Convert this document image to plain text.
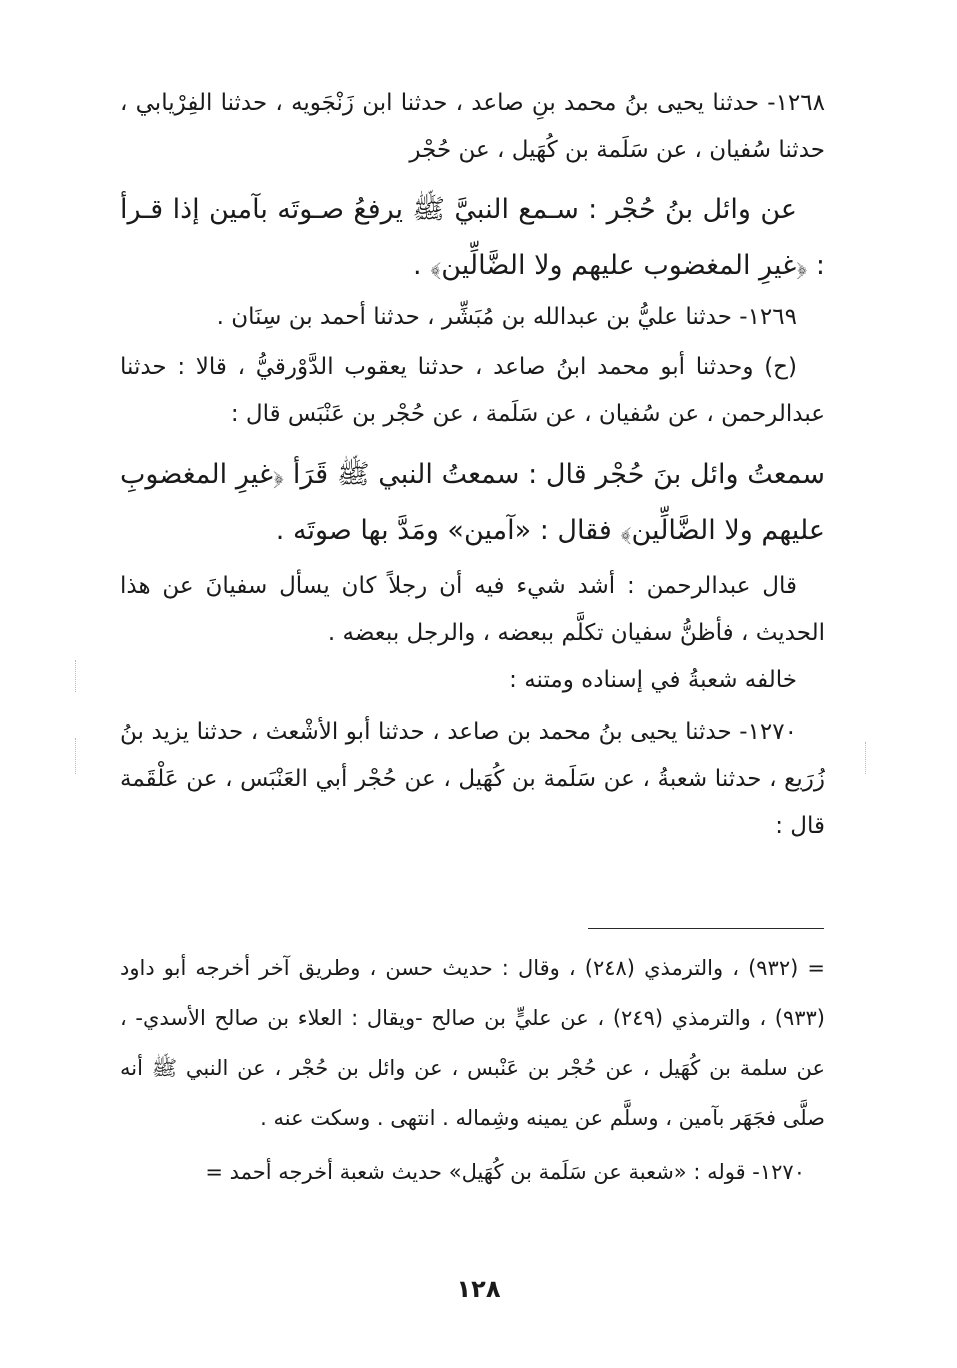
١٢٦٨- حدثنا يحيى بنُ محمد بنِ صاعد ، حدثنا ابن زَنْجَويه ، حدثنا الفِرْيابي ، حدثنا سُفيان ، عن سَلَمة بن كُهَيل ، عن حُجْر

عن وائل بنُ حُجْر : سـمع النبيَّ ﷺ يرفعُ صـوتَه بآمين إذا قـرأ : ﴿غيرِ المغضوب عليهم ولا الضَّالِّين﴾ .

١٢٦٩- حدثنا عليُّ بن عبدالله بن مُبَشِّر ، حدثنا أحمد بن سِنَان .

(ح) وحدثنا أبو محمد ابنُ صاعد ، حدثنا يعقوب الدَّوْرقيُّ ، قالا : حدثنا عبدالرحمن ، عن سُفيان ، عن سَلَمة ، عن حُجْر بن عَنْبَس قال :

سمعتُ وائل بنَ حُجْر قال : سمعتُ النبي ﷺ قَرَأ ﴿غيرِ المغضوبِ عليهم ولا الضَّالِّين﴾ فقال : «آمين» ومَدَّ بها صوتَه .

قال عبدالرحمن : أشد شيء فيه أن رجلاً كان يسأل سفيانَ عن هذا الحديث ، فأظنُّ سفيان تكلَّم ببعضه ، والرجل ببعضه .

خالفه شعبةُ في إسناده ومتنه :

١٢٧٠- حدثنا يحيى بنُ محمد بن صاعد ، حدثنا أبو الأشْعث ، حدثنا يزيد بنُ زُرَيع ، حدثنا شعبةُ ، عن سَلَمة بن كُهَيل ، عن حُجْر أبي العَنْبَس ، عن عَلْقَمة قال :

= (٩٣٢) ، والترمذي (٢٤٨) ، وقال : حديث حسن ، وطريق آخر أخرجه أبو داود (٩٣٣) ، والترمذي (٢٤٩) ، عن عليٍّ بن صالح -ويقال : العلاء بن صالح الأسدي- ، عن سلمة بن كُهَيل ، عن حُجْر بن عَنْبس ، عن وائل بن حُجْر ، عن النبي ﷺ أنه صلَّى فجَهَر بآمين ، وسلَّم عن يمينه وشِماله . انتهى . وسكت عنه .

١٢٧٠- قوله : «شعبة عن سَلَمة بن كُهَيل» حديث شعبة أخرجه أحمد =

١٢٨
